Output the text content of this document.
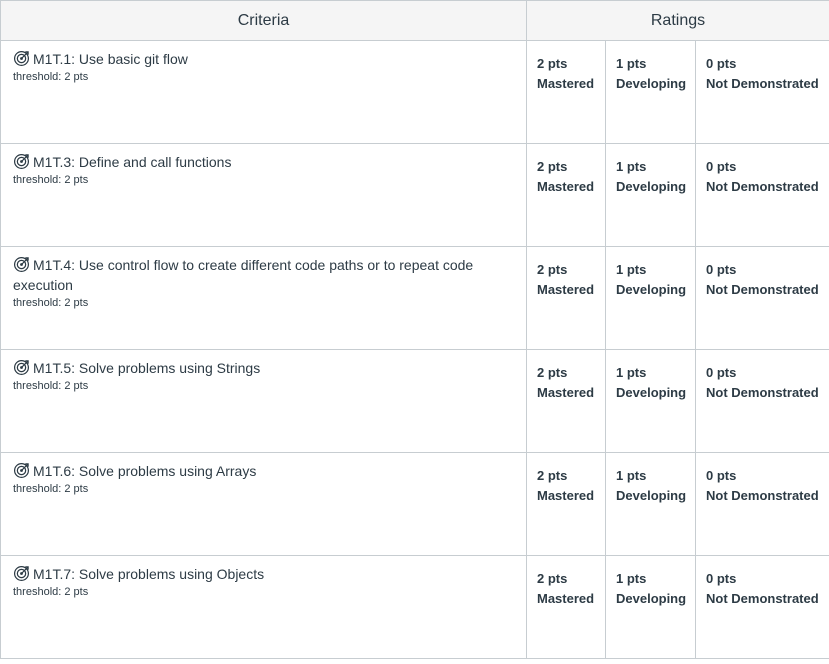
Criteria	Ratings
M1T.1: Use basic git flow
threshold: 2 pts
2 pts
Mastered
1 pts
Developing
0 pts
Not Demonstrated
M1T.3: Define and call functions
threshold: 2 pts
2 pts
Mastered
1 pts
Developing
0 pts
Not Demonstrated
M1T.4: Use control flow to create different code paths or to repeat code execution
threshold: 2 pts
2 pts
Mastered
1 pts
Developing
0 pts
Not Demonstrated
M1T.5: Solve problems using Strings
threshold: 2 pts
2 pts
Mastered
1 pts
Developing
0 pts
Not Demonstrated
M1T.6: Solve problems using Arrays
threshold: 2 pts
2 pts
Mastered
1 pts
Developing
0 pts
Not Demonstrated
M1T.7: Solve problems using Objects
threshold: 2 pts
2 pts
Mastered
1 pts
Developing
0 pts
Not Demonstrated
